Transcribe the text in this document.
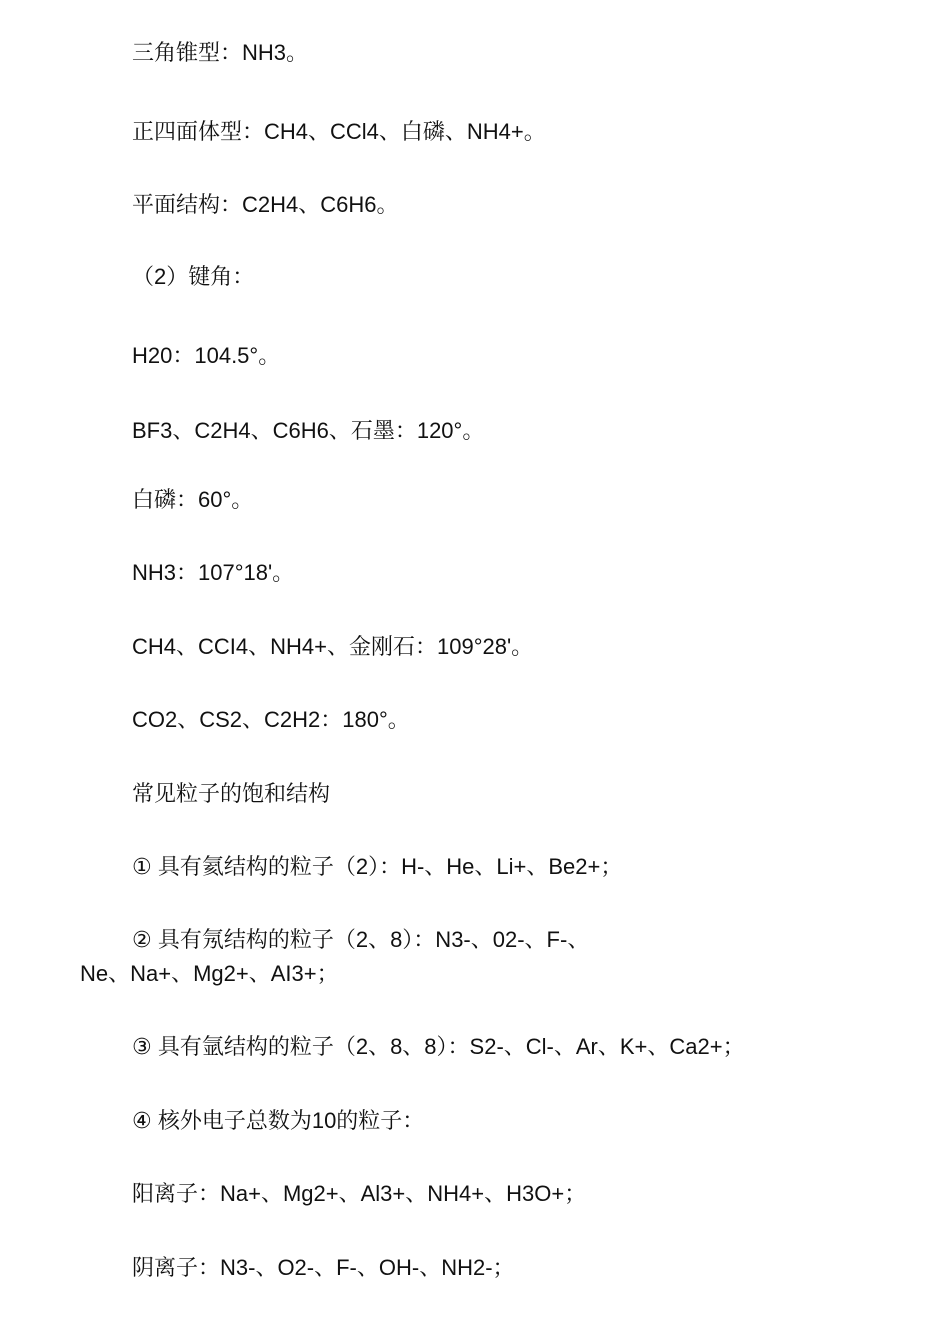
三角锥型：NH3。

正四面体型：CH4、CCl4、白磷、NH4+。

平面结构：C2H4、C6H6。

（2）键角：

H20：104.5°。

BF3、C2H4、C6H6、石墨：120°。

白磷：60°。

NH3：107°18'。

CH4、CCI4、NH4+、金刚石：109°28'。

CO2、CS2、C2H2：180°。

常见粒子的饱和结构

① 具有氦结构的粒子（2）：H-、He、Li+、Be2+；

② 具有氖结构的粒子（2、8）：N3-、02-、F-、

Ne、Na+、Mg2+、AI3+；

③ 具有氩结构的粒子（2、8、8）：S2-、Cl-、Ar、K+、Ca2+；

④ 核外电子总数为10的粒子：

阳离子：Na+、Mg2+、Al3+、NH4+、H3O+；

阴离子：N3-、O2-、F-、OH-、NH2-；
